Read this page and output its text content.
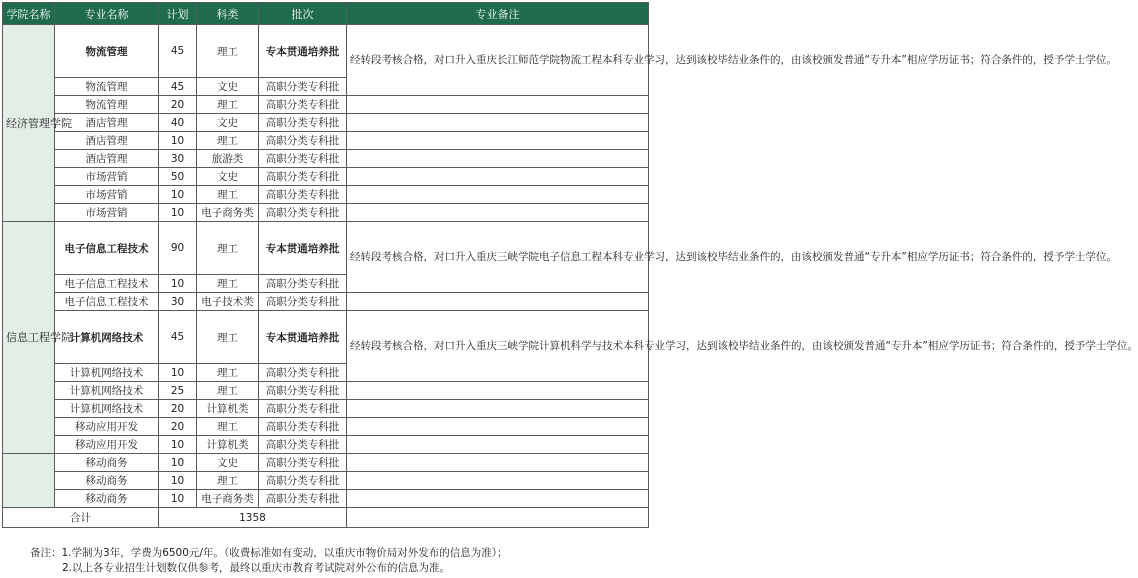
学院名称	专业名称	计划	科类	批次	专业备注
经济管理学院	物流管理	45	理工	专本贯通培养批	经转段考核合格，对口升入重庆长江师范学院物流工程本科专业学习，达到该校毕结业条件的，由该校颁发普通“专升本”相应学历证书；符合条件的，授予学士学位。
	物流管理	45	文史	高职分类专科批	
	物流管理	20	理工	高职分类专科批	
	酒店管理	40	文史	高职分类专科批	
	酒店管理	10	理工	高职分类专科批	
	酒店管理	30	旅游类	高职分类专科批	
	市场营销	50	文史	高职分类专科批	
	市场营销	10	理工	高职分类专科批	
	市场营销	10	电子商务类	高职分类专科批	
信息工程学院	电子信息工程技术	90	理工	专本贯通培养批	经转段考核合格，对口升入重庆三峡学院电子信息工程本科专业学习，达到该校毕结业条件的，由该校颁发普通“专升本”相应学历证书；符合条件的，授予学士学位。
	电子信息工程技术	10	理工	高职分类专科批	
	电子信息工程技术	30	电子技术类	高职分类专科批	
	计算机网络技术	45	理工	专本贯通培养批	经转段考核合格，对口升入重庆三峡学院计算机科学与技术本科专业学习，达到该校毕结业条件的，由该校颁发普通“专升本”相应学历证书；符合条件的，授予学士学位。
	计算机网络技术	10	理工	高职分类专科批	
	计算机网络技术	25	理工	高职分类专科批	
	计算机网络技术	20	计算机类	高职分类专科批	
	移动应用开发	20	理工	高职分类专科批	
	移动应用开发	10	计算机类	高职分类专科批	
	移动商务	10	文史	高职分类专科批	
	移动商务	10	理工	高职分类专科批	
	移动商务	10	电子商务类	高职分类专科批	
合计		1358			
备注：1.学制为3年，学费为6500元/年。（收费标准如有变动，以重庆市物价局对外发布的信息为准）；
2.以上各专业招生计划数仅供参考，最终以重庆市教育考试院对外公布的信息为准。
